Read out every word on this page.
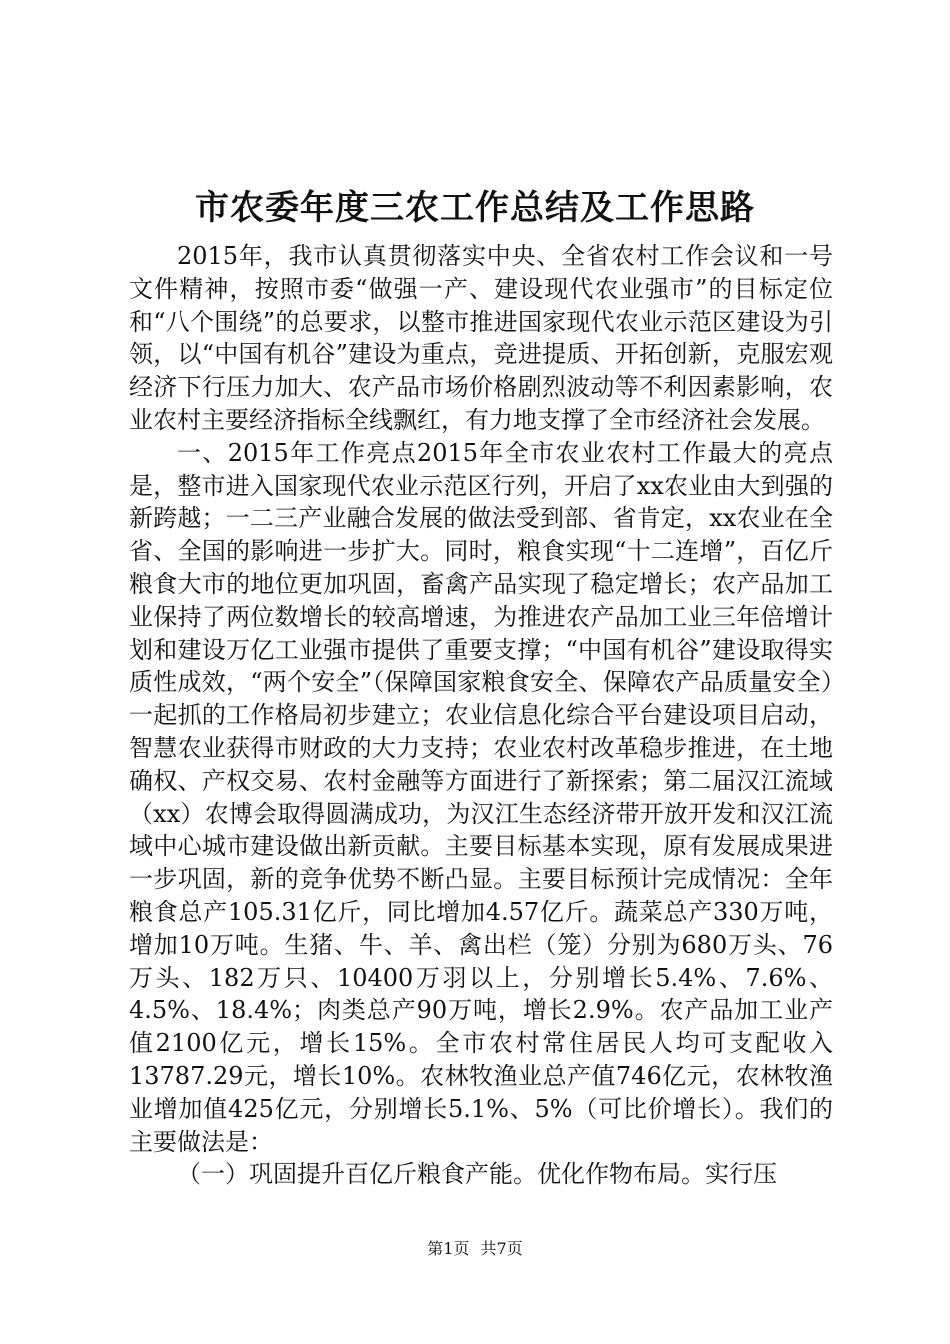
市农委年度三农工作总结及工作思路

2015年，我市认真贯彻落实中央、全省农村工作会议和一号文件精神，按照市委“做强一产、建设现代农业强市”的目标定位和“八个围绕”的总要求，以整市推进国家现代农业示范区建设为引领，以“中国有机谷”建设为重点，竞进提质、开拓创新，克服宏观经济下行压力加大、农产品市场价格剧烈波动等不利因素影响，农业农村主要经济指标全线飘红，有力地支撑了全市经济社会发展。

一、2015年工作亮点2015年全市农业农村工作最大的亮点是，整市进入国家现代农业示范区行列，开启了xx农业由大到强的新跨越；一二三产业融合发展的做法受到部、省肯定，xx农业在全省、全国的影响进一步扩大。同时，粮食实现“十二连增”，百亿斤粮食大市的地位更加巩固，畜禽产品实现了稳定增长；农产品加工业保持了两位数增长的较高增速，为推进农产品加工业三年倍增计划和建设万亿工业强市提供了重要支撑；“中国有机谷”建设取得实质性成效，“两个安全”（保障国家粮食安全、保障农产品质量安全）一起抓的工作格局初步建立；农业信息化综合平台建设项目启动，智慧农业获得市财政的大力支持；农业农村改革稳步推进，在土地确权、产权交易、农村金融等方面进行了新探索；第二届汉江流域（xx）农博会取得圆满成功，为汉江生态经济带开放开发和汉江流域中心城市建设做出新贡献。主要目标基本实现，原有发展成果进一步巩固，新的竞争优势不断凸显。主要目标预计完成情况：全年粮食总产105.31亿斤，同比增加4.57亿斤。蔬菜总产330万吨，增加10万吨。生猪、牛、羊、禽出栏（笼）分别为680万头、76万头、182万只、10400万羽以上，分别增长5.4%、7.6%、4.5%、18.4%；肉类总产90万吨，增长2.9%。农产品加工业产值2100亿元，增长15%。全市农村常住居民人均可支配收入13787.29元，增长10%。农林牧渔业总产值746亿元，农林牧渔业增加值425亿元，分别增长5.1%、5%（可比价增长）。我们的主要做法是：

（一）巩固提升百亿斤粮食产能。优化作物布局。实行压

第1页 共7页
